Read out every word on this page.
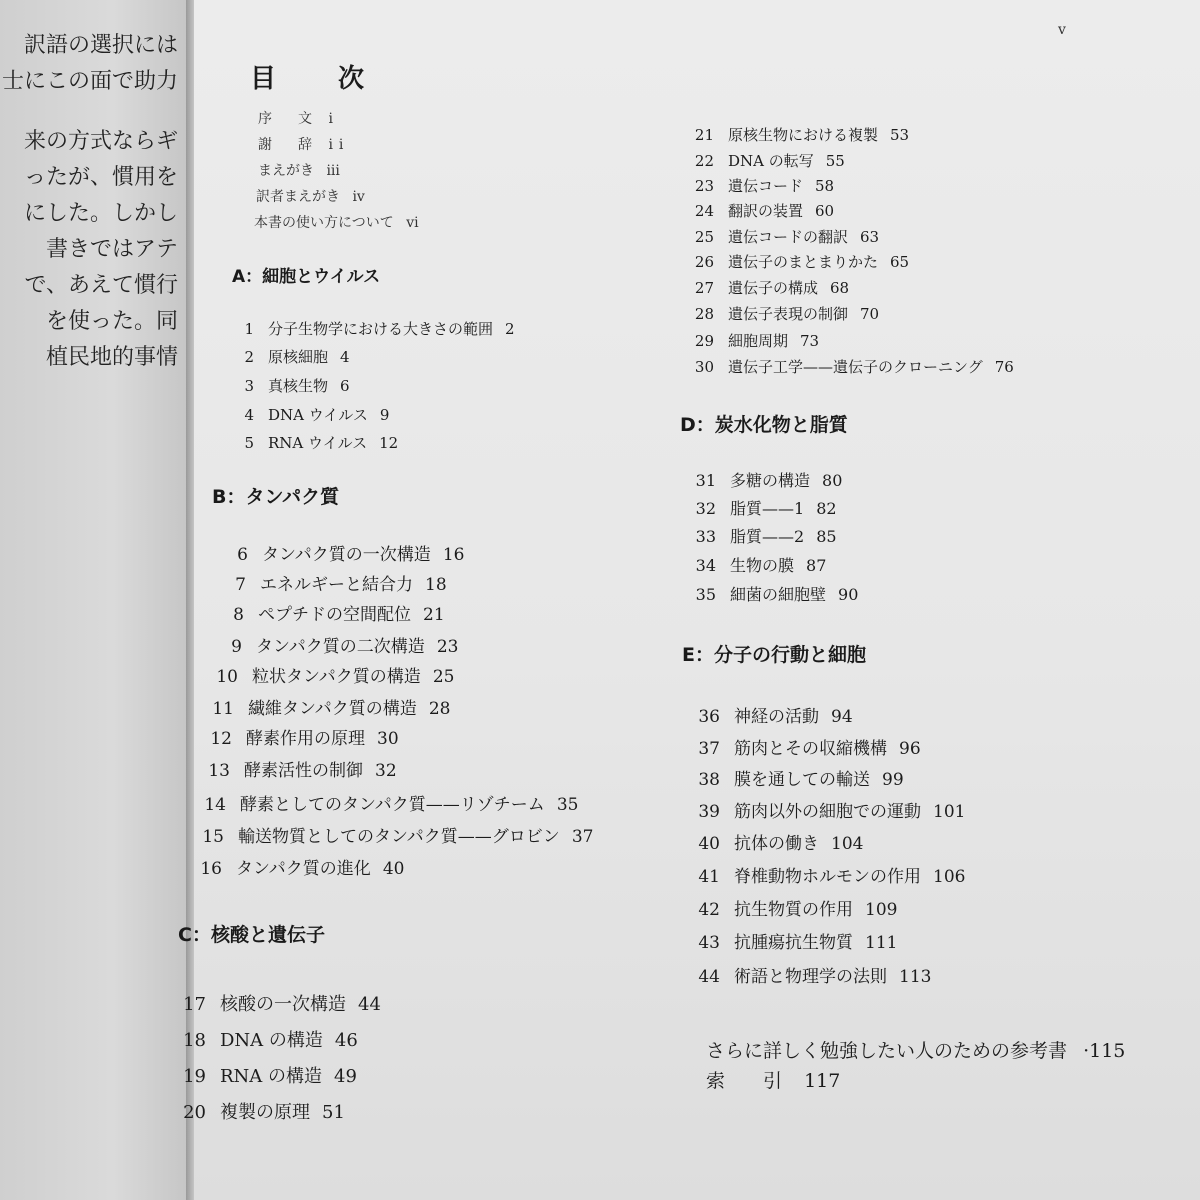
訳語の選択には
士にこの面で助力
来の方式ならギ
ったが、慣用を
にした。しかし
書きではアテ
で、あえて慣行
を使った。同
植民地的事情
v
目　次
序　文 i
謝　辞 ii
まえがき iii
訳者まえがき iv
本書の使い方について vi
A：細胞とウイルス
B：タンパク質
C：核酸と遺伝子
D：炭水化物と脂質
E：分子の行動と細胞
1 分子生物学における大きさの範囲 2
2 原核細胞 4
3 真核生物 6
4 DNA ウイルス 9
5 RNA ウイルス 12
6 タンパク質の一次構造 16
7 エネルギーと結合力 18
8 ペプチドの空間配位 21
9 タンパク質の二次構造 23
10 粒状タンパク質の構造 25
11 繊維タンパク質の構造 28
12 酵素作用の原理 30
13 酵素活性の制御 32
14 酵素としてのタンパク質——リゾチーム 35
15 輸送物質としてのタンパク質——グロビン 37
16 タンパク質の進化 40
17 核酸の一次構造 44
18 DNA の構造 46
19 RNA の構造 49
20 複製の原理 51
21 原核生物における複製 53
22 DNA の転写 55
23 遺伝コード 58
24 翻訳の装置 60
25 遺伝コードの翻訳 63
26 遺伝子のまとまりかた 65
27 遺伝子の構成 68
28 遺伝子表現の制御 70
29 細胞周期 73
30 遺伝子工学——遺伝子のクローニング 76
31 多糖の構造 80
32 脂質——1 82
33 脂質——2 85
34 生物の膜 87
35 細菌の細胞壁 90
36 神経の活動 94
37 筋肉とその収縮機構 96
38 膜を通しての輸送 99
39 筋肉以外の細胞での運動 101
40 抗体の働き 104
41 脊椎動物ホルモンの作用 106
42 抗生物質の作用 109
43 抗腫瘍抗生物質 111
44 術語と物理学の法則 113
さらに詳しく勉強したい人のための参考書 ·115
索　　引 117
